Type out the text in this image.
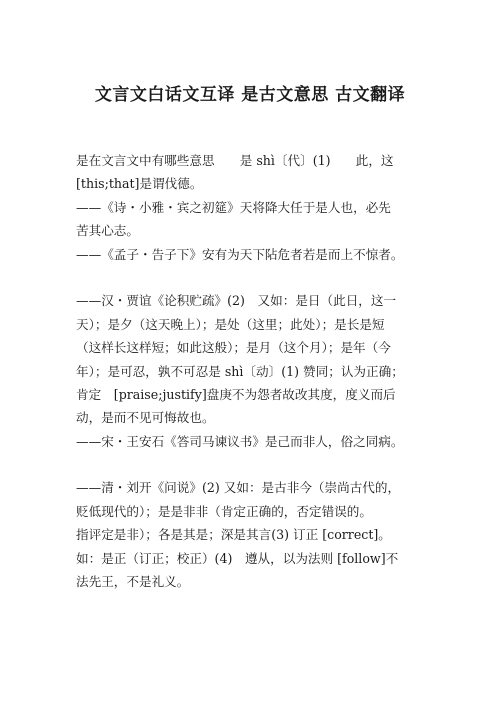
文言文白话文互译 是古文意思 古文翻译
是在文言文中有哪些意思　　是 shì〔代〕(1)　　此，这
[this;that]是谓伐德。
——《诗・小雅・宾之初筵》天将降大任于是人也，必先
苦其心志。
——《孟子・告子下》安有为天下阽危者若是而上不惊者。
——汉・贾谊《论积贮疏》(2)　又如：是日（此日，这一
天）；是夕（这天晚上）；是处（这里；此处）；是长是短
（这样长这样短；如此这般）；是月（这个月）；是年（今
年）；是可忍，孰不可忍是 shì〔动〕(1) 赞同；认为正确；
肯定　[praise;justify]盘庚不为怨者故改其度，度义而后
动，是而不见可悔故也。
——宋・王安石《答司马谏议书》是己而非人，俗之同病。
——清・刘开《问说》(2) 又如：是古非今（崇尚古代的，
贬低现代的）；是是非非（肯定正确的，否定错误的。
指评定是非）；各是其是；深是其言(3) 订正 [correct]。
如：是正（订正；校正）(4)　遵从，以为法则 [follow]不
法先王，不是礼义。
